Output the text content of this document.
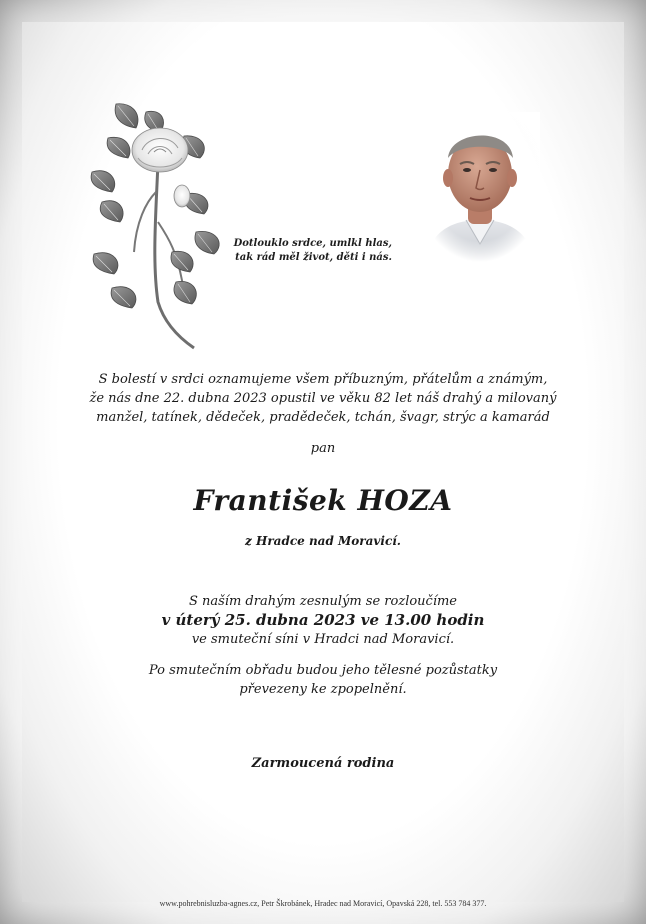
Dotlouklo srdce, umlkl hlas,
tak rád měl život, děti i nás.
S bolestí v srdci oznamujeme všem příbuzným, přátelům a známým,
že nás dne 22. dubna 2023 opustil ve věku 82 let náš drahý a milovaný
manžel, tatínek, dědeček, pradědeček, tchán, švagr, strýc a kamarád
pan
František HOZA
z Hradce nad Moravicí.
S naším drahým zesnulým se rozloučíme
v úterý 25. dubna 2023 ve 13.00 hodin
ve smuteční síni v Hradci nad Moravicí.
Po smutečním obřadu budou jeho tělesné pozůstatky
převezeny ke zpopelnění.
Zarmoucená rodina
www.pohrebnisluzba-agnes.cz, Petr Škrobánek, Hradec nad Moravicí, Opavská 228, tel. 553 784 377.
